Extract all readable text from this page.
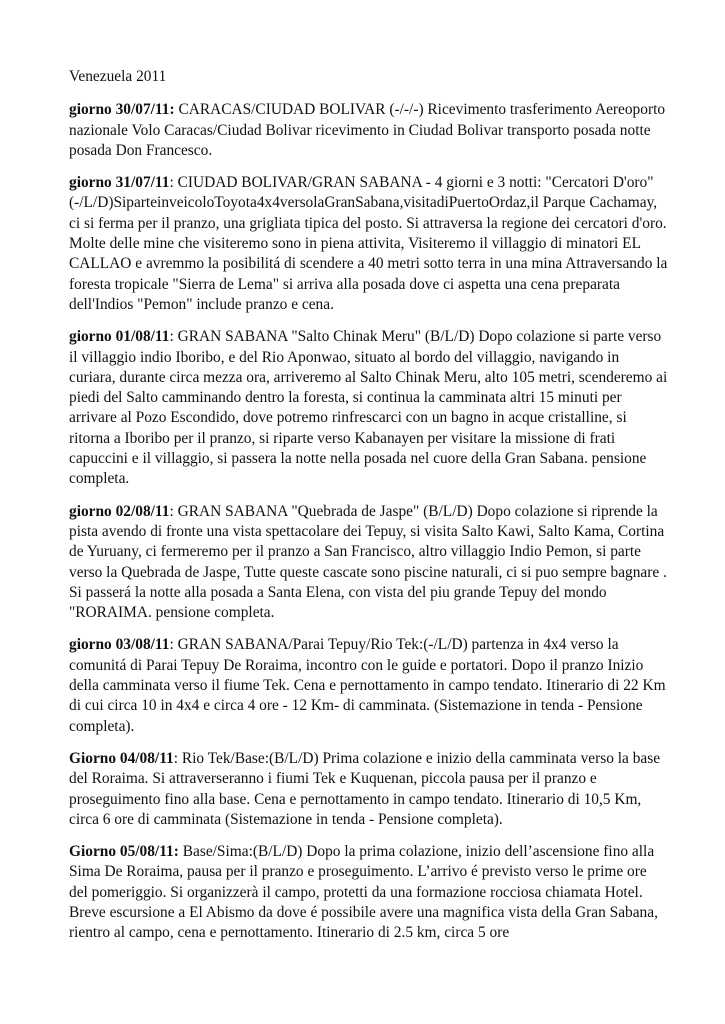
Venezuela 2011

giorno 30/07/11: CARACAS/CIUDAD BOLIVAR (-/-/-) Ricevimento trasferimento Aereoporto nazionale Volo Caracas/Ciudad Bolivar ricevimento in Ciudad Bolivar transporto posada notte posada Don Francesco.

giorno 31/07/11: CIUDAD BOLIVAR/GRAN SABANA - 4 giorni e 3 notti: "Cercatori D'oro" (-/L/D)SiparteinveicoloToyota4x4versolaGranSabana,visitadiPuertoOrdaz,il Parque Cachamay, ci si ferma per il pranzo, una grigliata tipica del posto. Si attraversa la regione dei cercatori d'oro. Molte delle mine che visiteremo sono in piena attivita, Visiteremo il villaggio di minatori EL CALLAO e avremmo la posibilitá di scendere a 40 metri sotto terra in una mina Attraversando la foresta tropicale "Sierra de Lema" si arriva alla posada dove ci aspetta una cena preparata dell'Indios "Pemon" include pranzo e cena.

giorno 01/08/11: GRAN SABANA "Salto Chinak Meru" (B/L/D) Dopo colazione si parte verso il villaggio indio Iboribo, e del Rio Aponwao, situato al bordo del villaggio, navigando in curiara, durante circa mezza ora, arriveremo al Salto Chinak Meru, alto 105 metri, scenderemo ai piedi del Salto camminando dentro la foresta, si continua la camminata altri 15 minuti per arrivare al Pozo Escondido, dove potremo rinfrescarci con un bagno in acque cristalline, si ritorna a Iboribo per il pranzo, si riparte verso Kabanayen per visitare la missione di frati capuccini e il villaggio, si passera la notte nella posada nel cuore della Gran Sabana. pensione completa.

giorno 02/08/11: GRAN SABANA "Quebrada de Jaspe" (B/L/D) Dopo colazione si riprende la pista avendo di fronte una vista spettacolare dei Tepuy, si visita Salto Kawi, Salto Kama, Cortina de Yuruany, ci fermeremo per il pranzo a San Francisco, altro villaggio Indio Pemon, si parte verso la Quebrada de Jaspe, Tutte queste cascate sono piscine naturali, ci si puo sempre bagnare . Si passerá la notte alla posada a Santa Elena, con vista del piu grande Tepuy del mondo "RORAIMA. pensione completa.

giorno 03/08/11: GRAN SABANA/Parai Tepuy/Rio Tek:(-/L/D) partenza in 4x4 verso la comunitá di Parai Tepuy De Roraima, incontro con le guide e portatori. Dopo il pranzo Inizio della camminata verso il fiume Tek. Cena e pernottamento in campo tendato. Itinerario di 22 Km di cui circa 10 in 4x4 e circa 4 ore - 12 Km- di camminata. (Sistemazione in tenda - Pensione completa).

Giorno 04/08/11: Rio Tek/Base:(B/L/D) Prima colazione e inizio della camminata verso la base del Roraima. Si attraverseranno i fiumi Tek e Kuquenan, piccola pausa per il pranzo e proseguimento fino alla base. Cena e pernottamento in campo tendato. Itinerario di 10,5 Km, circa 6 ore di camminata (Sistemazione in tenda - Pensione completa).

Giorno 05/08/11: Base/Sima:(B/L/D) Dopo la prima colazione, inizio dell’ascensione fino alla Sima De Roraima, pausa per il pranzo e proseguimento. L’arrivo é previsto verso le prime ore del pomeriggio. Si organizzerà il campo, protetti da una formazione rocciosa chiamata Hotel. Breve escursione a El Abismo da dove é possibile avere una magnifica vista della Gran Sabana, rientro al campo, cena e pernottamento. Itinerario di 2.5 km, circa 5 ore
